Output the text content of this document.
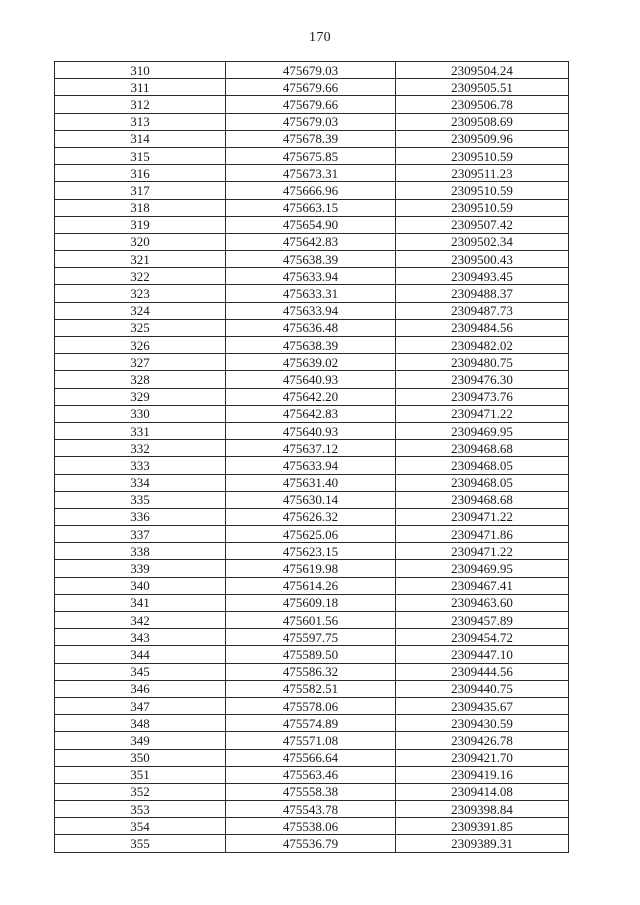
170
310	475679.03	2309504.24
311	475679.66	2309505.51
312	475679.66	2309506.78
313	475679.03	2309508.69
314	475678.39	2309509.96
315	475675.85	2309510.59
316	475673.31	2309511.23
317	475666.96	2309510.59
318	475663.15	2309510.59
319	475654.90	2309507.42
320	475642.83	2309502.34
321	475638.39	2309500.43
322	475633.94	2309493.45
323	475633.31	2309488.37
324	475633.94	2309487.73
325	475636.48	2309484.56
326	475638.39	2309482.02
327	475639.02	2309480.75
328	475640.93	2309476.30
329	475642.20	2309473.76
330	475642.83	2309471.22
331	475640.93	2309469.95
332	475637.12	2309468.68
333	475633.94	2309468.05
334	475631.40	2309468.05
335	475630.14	2309468.68
336	475626.32	2309471.22
337	475625.06	2309471.86
338	475623.15	2309471.22
339	475619.98	2309469.95
340	475614.26	2309467.41
341	475609.18	2309463.60
342	475601.56	2309457.89
343	475597.75	2309454.72
344	475589.50	2309447.10
345	475586.32	2309444.56
346	475582.51	2309440.75
347	475578.06	2309435.67
348	475574.89	2309430.59
349	475571.08	2309426.78
350	475566.64	2309421.70
351	475563.46	2309419.16
352	475558.38	2309414.08
353	475543.78	2309398.84
354	475538.06	2309391.85
355	475536.79	2309389.31
